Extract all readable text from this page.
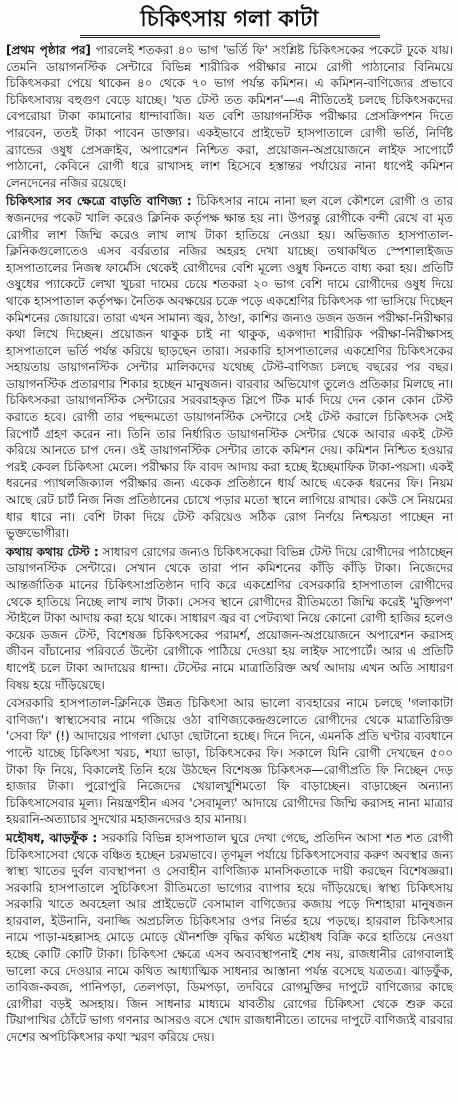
চিকিৎসায় গলা কাটা

[প্রথম পৃষ্ঠার পর] পারলেই শতকরা ৪০ ভাগ 'ভর্তি ফি' সংশ্লিষ্ট চিকিৎসকের পকেটে ঢুকে যায়। তেমনি ডায়াগনস্টিক সেন্টারে বিভিন্ন শারীরিক পরীক্ষার নামে রোগী পাঠানোর বিনিময়ে চিকিৎসকরা পেয়ে থাকেন ৪০ থেকে ৭০ ভাগ পর্যন্ত কমিশন। এ কমিশন-বাণিজ্যের প্রভাবে চিকিৎসাব্যয় বহুগুণ বেড়ে যাচ্ছে। 'যত টেস্ট তত কমিশন'—এ নীতিতেই চলছে চিকিৎসকদের বেপরোয়া টাকা কামানোর ধান্দাবাজি। যত বেশি ডায়াগনস্টিক পরীক্ষার প্রেসক্রিপশন দিতে পারবেন, ততই টাকা পাবেন ডাক্তার। একইভাবে প্রাইভেট হাসপাতালে রোগী ভর্তি, নির্দিষ্ট ব্র্যান্ডের ওষুধ প্রেসক্রাইব, অপারেশন নিশ্চিত করা, প্রয়োজন-অপ্রয়োজনে লাইফ সাপোর্টে পাঠানো, কেবিনে রোগী ধরে রাখাসহ লাশ হিসেবে হস্তান্তর পর্যায়ের নানা ধাপেই কমিশন লেনদেনের নজির রয়েছে।

চিকিৎসার সব ক্ষেত্রে বাড়তি বাণিজ্য : চিকিৎসার নামে নানা ছল বলে কৌশলে রোগী ও তার স্বজনদের পকেট খালি করেও ক্লিনিক কর্তৃপক্ষ ক্ষান্ত হয় না। উপরন্তু রোগীকে বন্দী রেখে বা মৃত রোগীর লাশ জিম্মি করেও লাখ লাখ টাকা হাতিয়ে নেওয়া হয়। অভিজাত হাসপাতাল-ক্লিনিকগুলোতেও এসব বর্বরতার নজির অহরহ দেখা যাচ্ছে। তথাকথিত স্পেশালাইজড হাসপাতালের নিজস্ব ফার্মেসি থেকেই রোগীদের বেশি মূল্যে ওষুধ কিনতে বাধ্য করা হয়। প্রতিটি ওষুধের প্যাকেটে লেখা খুচরা দামের চেয়ে শতকরা ২০ ভাগ বেশি দামে রোগীদের ওষুধ দিয়ে থাকে হাসপাতাল কর্তৃপক্ষ। নৈতিক অবক্ষয়ের চক্রে পড়ে একশ্রেণির চিকিৎসক গা ভাসিয়ে দিচ্ছেন কমিশনের জোয়ারে। তারা এখন সামান্য জ্বর, ঠাণ্ডা, কাশির জন্যও ডজন ডজন পরীক্ষা-নিরীক্ষার কথা লিখে দিচ্ছেন। প্রয়োজন থাকুক চাই না থাকুক, একগাদা শারীরিক পরীক্ষা-নিরীক্ষাসহ হাসপাতালে ভর্তি পর্যন্ত করিয়ে ছাড়ছেন তারা। সরকারি হাসপাতালের একশ্রেণির চিকিৎসকের সহায়তায় ডায়াগনস্টিক সেন্টার মালিকদের যথেচ্ছ টেস্ট-বাণিজ্য চলছে বছরের পর বছর। ডায়াগনস্টিক প্রতারণার শিকার হচ্ছেন মানুষজন। বারবার অভিযোগ তুলেও প্রতিকার মিলছে না। চিকিৎসকরা ডায়াগনস্টিক সেন্টারের সরবরাহকৃত স্লিপে টিক মার্ক দিয়ে দেন কোন কোন টেস্ট করাতে হবে। রোগী তার পছন্দমতো ডায়াগনস্টিক সেন্টারে সেই টেস্ট করালে চিকিৎসক সেই রিপোর্ট গ্রহণ করেন না। তিনি তার নির্ধারিত ডায়াগনস্টিক সেন্টার থেকে আবার একই টেস্ট করিয়ে আনতে চাপ দেন। ওই ডায়াগনস্টিক সেন্টার তাকে কমিশন দেয়। কমিশন নিশ্চিত হওয়ার পরই কেবল চিকিৎসা মেলে। পরীক্ষার ফি বাবদ আদায় করা হচ্ছে ইচ্ছেমাফিক টাকা-পয়সা। একই ধরনের প্যাথলজিক্যাল পরীক্ষার জন্য একেক প্রতিষ্ঠানে ধার্য আছে একেক ধরনের ফি। নিয়ম আছে রেট চার্ট নিজ নিজ প্রতিষ্ঠানের চোখে পড়ার মতো স্থানে লাগিয়ে রাখার। কেউ সে নিয়মের ধার ধারে না। বেশি টাকা দিয়ে টেস্ট করিয়েও সঠিক রোগ নির্ণয়ে নিশ্চয়তা পাচ্ছেন না ভুক্তভোগীরা।

কথায় কথায় টেস্ট : সাধারণ রোগের জন্যও চিকিৎসকেরা বিভিন্ন টেস্ট দিয়ে রোগীদের পাঠাচ্ছেন ডায়াগনস্টিক সেন্টারে। সেখান থেকে তারা পান কমিশনের কাঁড়ি কাঁড়ি টাকা। নিজেদের আন্তর্জাতিক মানের চিকিৎসাপ্রতিষ্ঠান দাবি করে একশ্রেণির বেসরকারি হাসপাতাল রোগীদের থেকে হাতিয়ে নিচ্ছে লাখ লাখ টাকা। সেসব স্থানে রোগীদের রীতিমতো জিম্মি করেই 'মুক্তিপণ' স্টাইলে টাকা আদায় করা হয়ে থাকে। সাধারণ জ্বর বা পেটব্যথা নিয়ে কোনো রোগী হাজির হলেও কয়েক ডজন টেস্ট, বিশেষজ্ঞ চিকিৎসকের পরামর্শ, প্রয়োজন-অপ্রয়োজনে অপারেশন করাসহ জীবন বাঁচানোর পরিবর্তে উল্টো রোগীকে পাঠিয়ে দেওয়া হয় লাইফ সাপোর্টে। আর এ প্রতিটি ধাপেই চলে টাকা আদায়ের ধান্দা। টেস্টের নামে মাত্রাতিরিক্ত অর্থ আদায় এখন অতি সাধারণ বিষয় হয়ে দাঁড়িয়েছে।

বেসরকারি হাসপাতাল-ক্লিনিকে উন্নত চিকিৎসা আর ভালো ব্যবহারের নামে চলছে 'গলাকাটা বাণিজ্য'। স্বাস্থ্যসেবার নামে গজিয়ে ওঠা বাণিজ্যকেন্দ্রগুলোতে রোগীদের থেকে মাত্রাতিরিক্ত 'সেবা ফি' (!) আদায়ের পাগলা ঘোড়া ছোটানো হচ্ছে। দিনে দিনে, এমনকি প্রতি ঘণ্টার ব্যবধানে পাল্টে যাচ্ছে চিকিৎসা খরচ, শয্যা ভাড়া, চিকিৎসকের ফি। সকালে যিনি রোগী দেখছেন ৫০০ টাকা ফি নিয়ে, বিকালেই তিনি হয়ে উঠছেন বিশেষজ্ঞ চিকিৎসক—রোগীপ্রতি ফি নিচ্ছেন দেড় হাজার টাকা। পুরোপুরি নিজেদের খেয়ালখুশিমতো ফি বাড়াচ্ছেন। বাড়াচ্ছেন অন্যান্য চিকিৎসাসেবার মূল্য। নিয়ন্ত্রণহীন এসব 'সেবামূল্য' আদায়ে রোগীদের জিম্মি করাসহ নানা মাত্রার হয়রানি-অত্যাচার সুদখোর মহাজনদেরও হার মানায়।

মহৌষধ, ঝাড়ফুঁক : সরকারি বিভিন্ন হাসপাতাল ঘুরে দেখা গেছে, প্রতিদিন আসা শত শত রোগী চিকিৎসাসেবা থেকে বঞ্চিত হচ্ছেন চরমভাবে। তৃণমূল পর্যায়ে চিকিৎসাসেবার করুণ অবস্থার জন্য স্বাস্থ্য খাতের দুর্বল ব্যবস্থাপনা ও সেবাহীন বাণিজ্যিক মানসিকতাকে দায়ী করছেন বিশেষজ্ঞরা। সরকারি হাসপাতালে সুচিকিৎসা রীতিমতো ভাগ্যের ব্যাপার হয়ে দাঁড়িয়েছে। স্বাস্থ্য চিকিৎসায় সরকারি খাতে অবহেলা আর প্রাইভেটে বেসামাল বাণিজ্যের কজায় পড়ে দিশাহারা মানুষজন হারবাল, ইউনানি, বনাজ্জি অপ্রচলিত চিকিৎসার ওপর নির্ভর হয়ে পড়ছে। হারবাল চিকিৎসার নামে পাড়া-মহল্লাসহ মোড়ে মোড়ে যৌনশক্তি বৃদ্ধির কথিত মহৌষধ বিক্রি করে হাতিয়ে নেওয়া হচ্ছে কোটি কোটি টাকা। চিকিৎসা ক্ষেত্রে এসব অব্যবস্থাপনাই শেষ নয়, রাজধানীর রোগবালাই ভালো করে দেওয়ার নামে কথিত আধ্যাত্মিক সাধনার আস্তানা পর্যন্ত বসেছে যত্রতত্র। ঝাড়ফুঁক, তাবিজ-কবজ, পানিপড়া, তেলপড়া, ডিমপড়া, তদবিরে রোগমুক্তির দাপুটে বাণিজ্যের কাছে রোগীরা বড়ই অসহায়। জিন সাধনার মাধ্যমে যাবতীয় রোগের চিকিৎসা থেকে শুরু করে টিয়াপাখির ঠোঁটে ভাগ্য গণনার আসরও বসে খোদ রাজধানীতে। তাদের দাপুটে বাণিজ্যই বারবার দেশের অপচিকিৎসার কথা স্মরণ করিয়ে দেয়।
